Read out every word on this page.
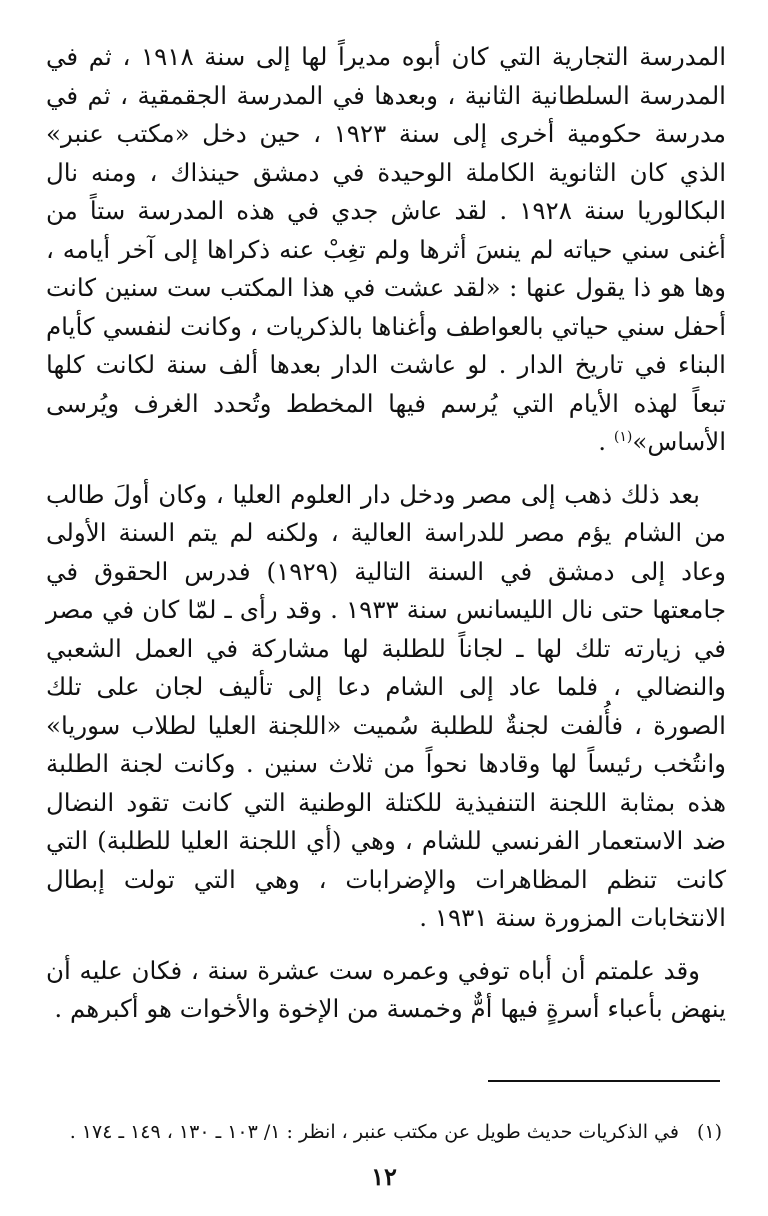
المدرسة التجارية التي كان أبوه مديراً لها إلى سنة ١٩١٨ ، ثم في المدرسة السلطانية الثانية ، وبعدها في المدرسة الجقمقية ، ثم في مدرسة حكومية أخرى إلى سنة ١٩٢٣ ، حين دخل «مكتب عنبر» الذي كان الثانوية الكاملة الوحيدة في دمشق حينذاك ، ومنه نال البكالوريا سنة ١٩٢٨ . لقد عاش جدي في هذه المدرسة ستاً من أغنى سني حياته لم ينسَ أثرها ولم تغِبْ عنه ذكراها إلى آخر أيامه ، وها هو ذا يقول عنها : «لقد عشت في هذا المكتب ست سنين كانت أحفل سني حياتي بالعواطف وأغناها بالذكريات ، وكانت لنفسي كأيام البناء في تاريخ الدار . لو عاشت الدار بعدها ألف سنة لكانت كلها تبعاً لهذه الأيام التي يُرسم فيها المخطط وتُحدد الغرف ويُرسى الأساس»$^{(١)}$ .

بعد ذلك ذهب إلى مصر ودخل دار العلوم العليا ، وكان أولَ طالب من الشام يؤم مصر للدراسة العالية ، ولكنه لم يتم السنة الأولى وعاد إلى دمشق في السنة التالية (١٩٢٩) فدرس الحقوق في جامعتها حتى نال الليسانس سنة ١٩٣٣ . وقد رأى ـ لمّا كان في مصر في زيارته تلك لها ـ لجاناً للطلبة لها مشاركة في العمل الشعبي والنضالي ، فلما عاد إلى الشام دعا إلى تأليف لجان على تلك الصورة ، فأُلفت لجنةٌ للطلبة سُميت «اللجنة العليا لطلاب سوريا» وانتُخب رئيساً لها وقادها نحواً من ثلاث سنين . وكانت لجنة الطلبة هذه بمثابة اللجنة التنفيذية للكتلة الوطنية التي كانت تقود النضال ضد الاستعمار الفرنسي للشام ، وهي (أي اللجنة العليا للطلبة) التي كانت تنظم المظاهرات والإضرابات ، وهي التي تولت إبطال الانتخابات المزورة سنة ١٩٣١ .

وقد علمتم أن أباه توفي وعمره ست عشرة سنة ، فكان عليه أن ينهض بأعباء أسرةٍ فيها أمٌّ وخمسة من الإخوة والأخوات هو أكبرهم .

(١)في الذكريات حديث طويل عن مكتب عنبر ، انظر : ١/ ١٠٣ ـ ١٣٠ ، ١٤٩ ـ ١٧٤ .
١٢
